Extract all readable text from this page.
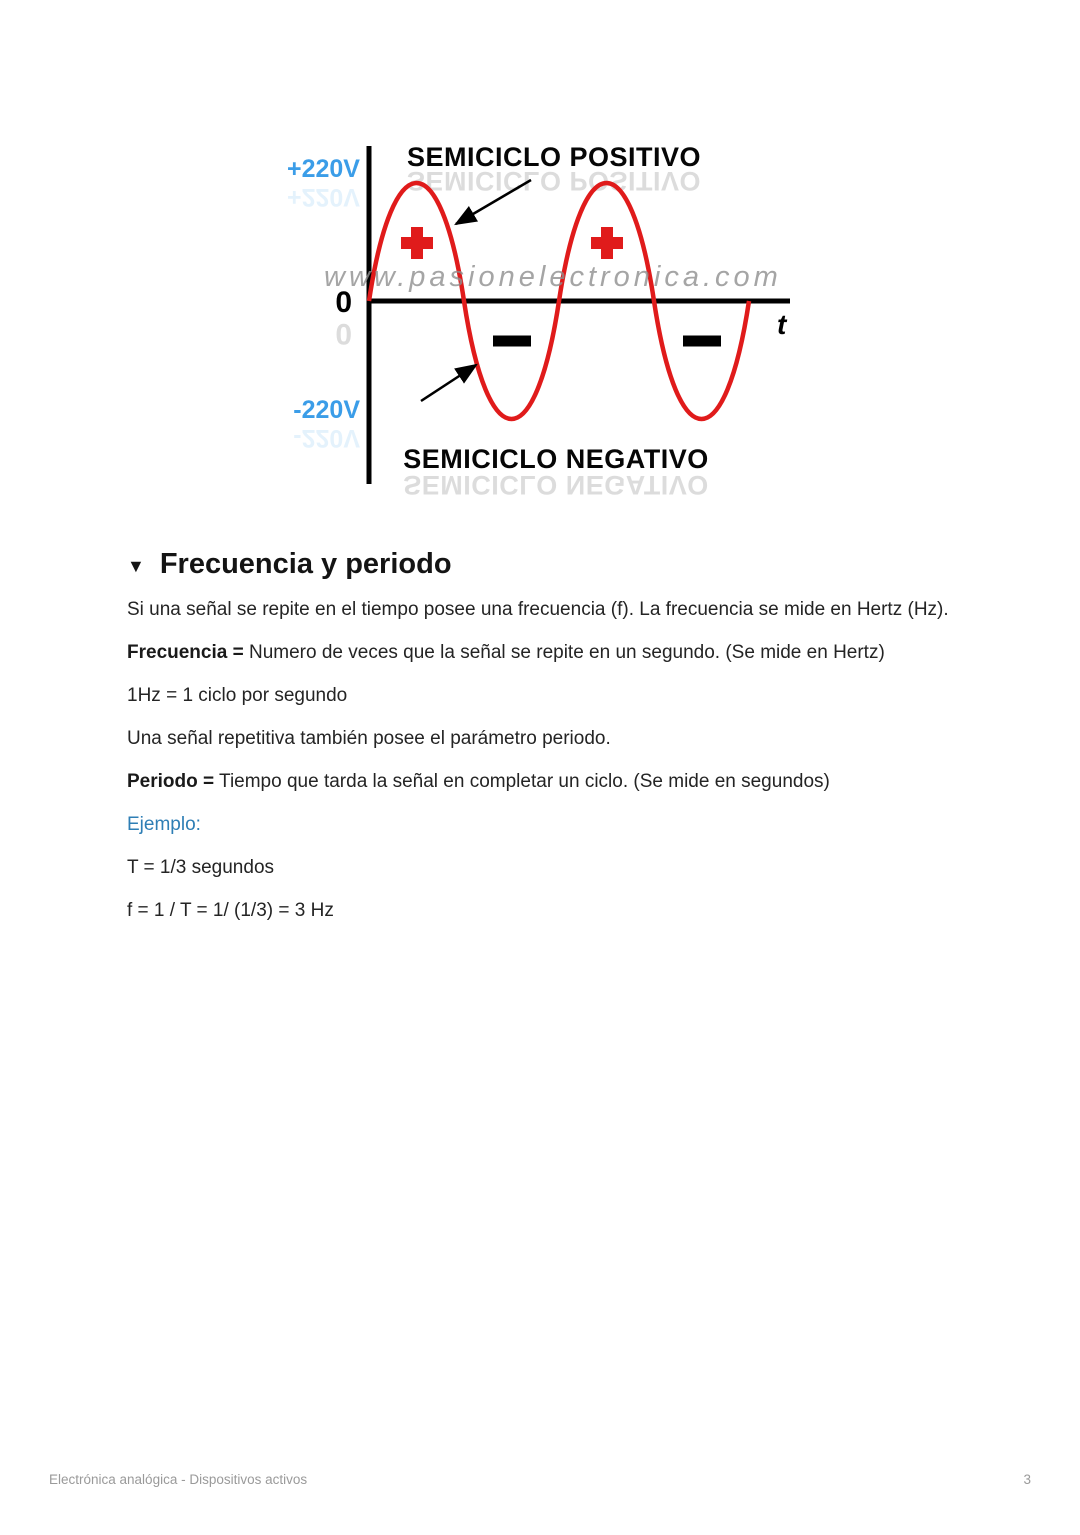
SEMICICLO POSITIVO
SEMICICLO NEGATIVO
+220V
0
-220V
www.pasionelectronica.com
SEMICICLO POSITIVO
SEMICICLO NEGATIVO
+220V
0
-220V
t
▼ Frecuencia y periodo

Si una señal se repite en el tiempo posee una frecuencia (f). La frecuencia se mide en Hertz (Hz).

Frecuencia = Numero de veces que la señal se repite en un segundo. (Se mide en Hertz)

1Hz = 1 ciclo por segundo

Una señal repetitiva también posee el parámetro periodo.

Periodo = Tiempo que tarda la señal en completar un ciclo. (Se mide en segundos)

Ejemplo:

T = 1/3 segundos

f = 1 / T = 1/ (1/3) = 3 Hz

Electrónica analógica - Dispositivos activos	3
